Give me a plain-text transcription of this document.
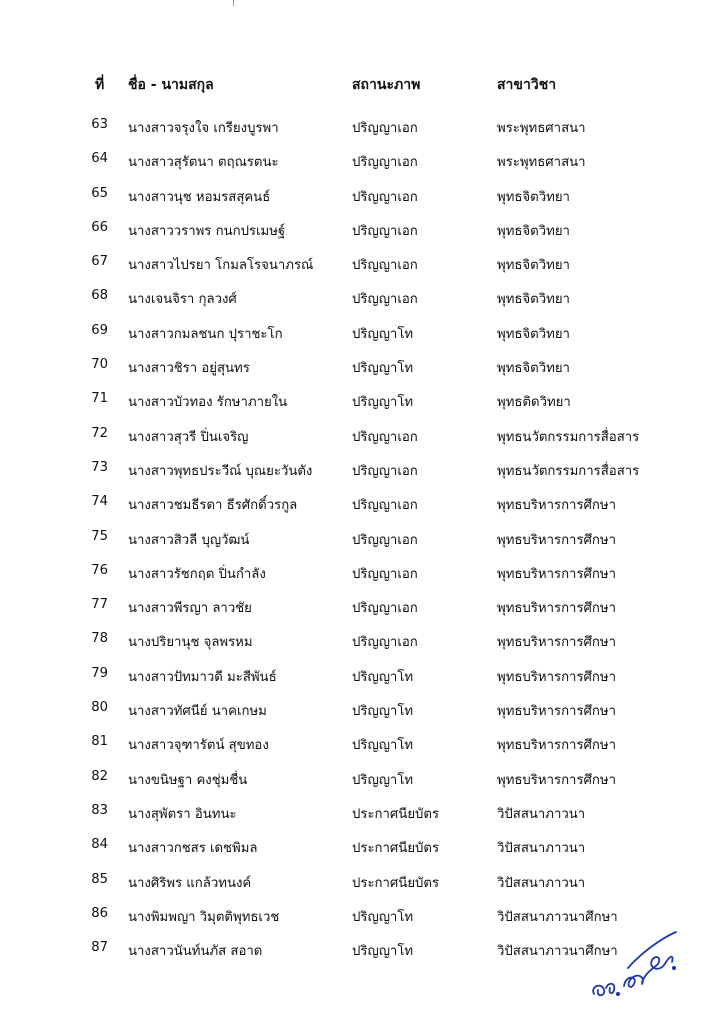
ที่ ชื่อ - นามสกุล	สถานะภาพ	สาขาวิชา
63 นางสาวจรุงใจ เกรียงบูรพา	ปริญญาเอก	พระพุทธศาสนา
64 นางสาวสุรัตนา ตฤณรตนะ	ปริญญาเอก	พระพุทธศาสนา
65 นางสาวนุช หอมรสสุคนธ์	ปริญญาเอก	พุทธจิตวิทยา
66 นางสาววราพร กนกปรเมษฐ์	ปริญญาเอก	พุทธจิตวิทยา
67 นางสาวไปรยา โกมลโรจนาภรณ์	ปริญญาเอก	พุทธจิตวิทยา
68 นางเจนจิรา กุลวงศ์	ปริญญาเอก	พุทธจิตวิทยา
69 นางสาวกมลชนก ปุราชะโก	ปริญญาโท	พุทธจิตวิทยา
70 นางสาวชิรา อยู่สุนทร	ปริญญาโท	พุทธจิตวิทยา
71 นางสาวบัวทอง รักษาภายใน	ปริญญาโท	พุทธติดวิทยา
72 นางสาวสุวรี ปิ่นเจริญ	ปริญญาเอก	พุทธนวัตกรรมการสื่อสาร
73 นางสาวพุทธประวีณ์ บุณยะวันตัง	ปริญญาเอก	พุทธนวัตกรรมการสื่อสาร
74 นางสาวชมธีรดา ธีรศักดิ์วรกูล	ปริญญาเอก	พุทธบริหารการศึกษา
75 นางสาวสิวลี บุญวัฒน์	ปริญญาเอก	พุทธบริหารการศึกษา
76 นางสาวรัชกฤต ปิ่นกำลัง	ปริญญาเอก	พุทธบริหารการศึกษา
77 นางสาวพีรญา ลาวชัย	ปริญญาเอก	พุทธบริหารการศึกษา
78 นางปริยานุช จุลพรหม	ปริญญาเอก	พุทธบริหารการศึกษา
79 นางสาวปัทมาวดี มะสีพันธ์	ปริญญาโท	พุทธบริหารการศึกษา
80 นางสาวทัศนีย์ นาคเกษม	ปริญญาโท	พุทธบริหารการศึกษา
81 นางสาวจุฑารัตน์ สุขทอง	ปริญญาโท	พุทธบริหารการศึกษา
82 นางขนิษฐา คงชุ่มชื่น	ปริญญาโท	พุทธบริหารการศึกษา
83 นางสุพัตรา อินทนะ	ประกาศนียบัตร	วิปัสสนาภาวนา
84 นางสาวกชสร เดชพิมล	ประกาศนียบัตร	วิปัสสนาภาวนา
85 นางศิริพร แกล้วทนงค์	ประกาศนียบัตร	วิปัสสนาภาวนา
86 นางพิมพญา วิมุตติพุทธเวช	ปริญญาโท	วิปัสสนาภาวนาศึกษา
87 นางสาวนันท์นภัส สอาด	ปริญญาโท	วิปัสสนาภาวนาศึกษา
